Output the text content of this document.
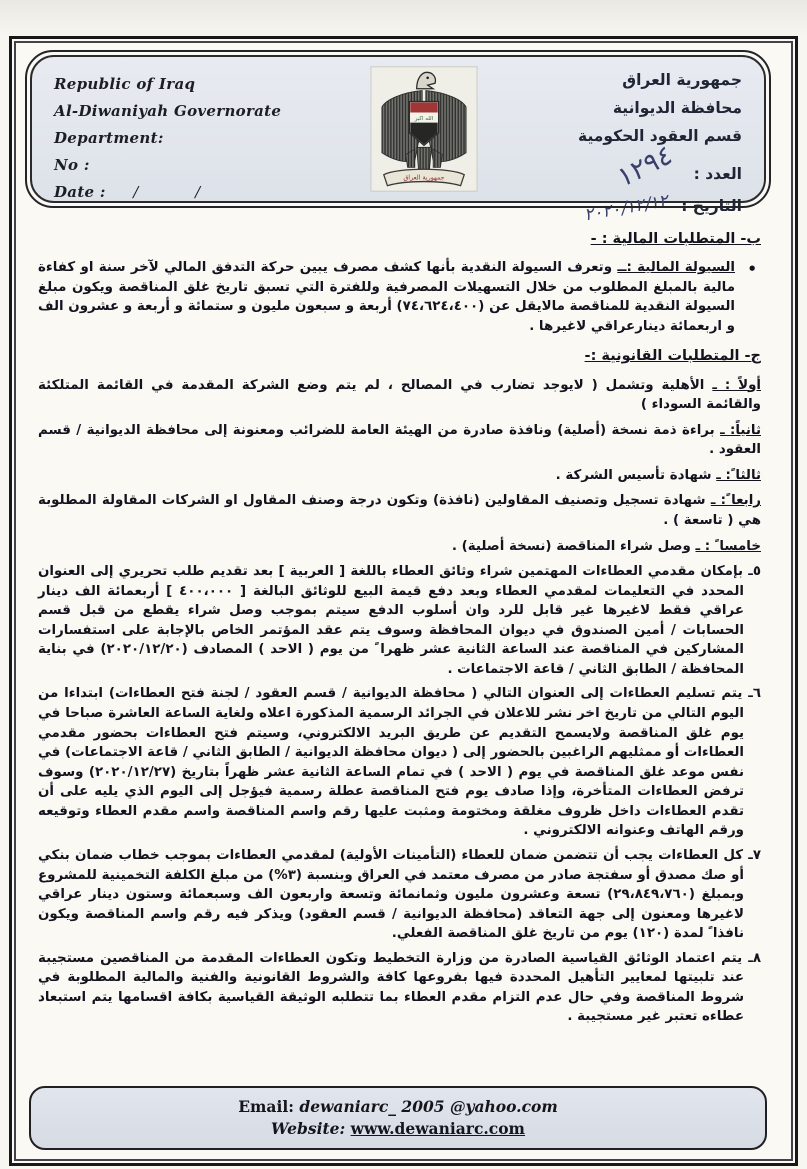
Republic of Iraq
Al-Diwaniyah Governorate
Department:
No :
Date : / /
الله اكبر
جمهورية العراق
جمهورية العراق
محافظة الديوانية
قسم العقود الحكومية
العدد : ١٢٩٤
التاريخ : ٢٠٢٠/١٢/١٢
ب- المتطلبات المالية : -

•
السيولة المالية :ــ وتعرف السيولة النقدية بأنها كشف مصرف يبين حركة التدفق المالي لآخر سنة او كفاءة مالية بالمبلغ المطلوب من خلال التسهيلات المصرفية وللفترة التي تسبق تاريخ غلق المناقصة ويكون مبلغ السيولة النقدية للمناقصة مالايقل عن (٧٤،٦٢٤،٤٠٠) أربعة و سبعون مليون و ستمائة و أربعة و عشرون الف و اربعمائة دينارعراقي لاغيرها .

ج- المتطلبات القانونية :-

أولاً : ـ الأهلية وتشمل ( لايوجد تضارب في المصالح ، لم يتم وضع الشركة المقدمة في القائمة المتلكئة والقائمة السوداء )

ثانياً: ـ براءة ذمة نسخة (أصلية) ونافذة صادرة من الهيئة العامة للضرائب ومعنونة إلى محافظة الديوانية / قسم العقود .

ثالثا ً: ـ شهادة تأسيس الشركة .

رابعا ً: ـ شهادة تسجيل وتصنيف المقاولين (نافذة) وتكون درجة وصنف المقاول او الشركات المقاولة المطلوبة هي ( تاسعة ) .

خامسا ً : ـ وصل شراء المناقصة (نسخة أصلية) .

٥ـ بإمكان مقدمي العطاءات المهتمين شراء وثائق العطاء باللغة [ العربية ] بعد تقديم طلب تحريري إلى العنوان المحدد في التعليمات لمقدمي العطاء وبعد دفع قيمة البيع للوثائق البالغة [ ٤٠٠،٠٠٠ ] أربعمائة الف دينار عراقي فقط لاغيرها غير قابل للرد وان أسلوب الدفع سيتم بموجب وصل شراء يقطع من قبل قسم الحسابات / أمين الصندوق في ديوان المحافظة وسوف يتم عقد المؤتمر الخاص بالإجابة على استفسارات المشاركين في المناقصة عند الساعة الثانية عشر ظهرا ً من يوم ( الاحد ) المصادف (٢٠٢٠/١٢/٢٠) في بناية المحافظة / الطابق الثاني / قاعة الاجتماعات .

٦ـ يتم تسليم العطاءات إلى العنوان التالي ( محافظة الديوانية / قسم العقود / لجنة فتح العطاءات) ابتداءا من اليوم التالي من تاريخ اخر نشر للاعلان في الجرائد الرسمية المذكورة اعلاه ولغاية الساعة العاشرة صباحا في يوم غلق المناقصة ولايسمح التقديم عن طريق البريد الالكتروني، وسيتم فتح العطاءات بحضور مقدمي العطاءات أو ممثليهم الراغبين بالحضور إلى ( ديوان محافظة الديوانية / الطابق الثاني / قاعة الاجتماعات) في نفس موعد غلق المناقصة في يوم ( الاحد ) في تمام الساعة الثانية عشر ظهراً بتاريخ (٢٠٢٠/١٢/٢٧) وسوف ترفض العطاءات المتأخرة، وإذا صادف يوم فتح المناقصة عطلة رسمية فيؤجل إلى اليوم الذي يليه على أن تقدم العطاءات داخل ظروف مغلقة ومختومة ومثبت عليها رقم واسم المناقصة واسم مقدم العطاء وتوقيعه ورقم الهاتف وعنوانه الالكتروني .

٧ـ كل العطاءات يجب أن تتضمن ضمان للعطاء (التأمينات الأولية) لمقدمي العطاءات بموجب خطاب ضمان بنكي أو صك مصدق أو سفتجة صادر من مصرف معتمد في العراق وبنسبة (٣%) من مبلغ الكلفة التخمينية للمشروع وبمبلغ (٢٩،٨٤٩،٧٦٠) تسعة وعشرون مليون وثمانمائة وتسعة واربعون الف وسبعمائة وستون دينار عراقي لاغيرها ومعنون إلى جهة التعاقد (محافظة الديوانية / قسم العقود) ويذكر فيه رقم واسم المناقصة ويكون نافذا ً لمدة (١٢٠) يوم من تاريخ غلق المناقصة الفعلي.

٨ـ يتم اعتماد الوثائق القياسية الصادرة من وزارة التخطيط وتكون العطاءات المقدمة من المناقصين مستجيبة عند تلبيتها لمعايير التأهيل المحددة فيها بفروعها كافة والشروط القانونية والفنية والمالية المطلوبة في شروط المناقصة وفي حال عدم التزام مقدم العطاء بما تتطلبه الوثيقة القياسية بكافة اقسامها يتم استبعاد عطاءه تعتبر غير مستجيبة .

Email: dewaniarc_ 2005 @yahoo.com
Website: www.dewaniarc.com
